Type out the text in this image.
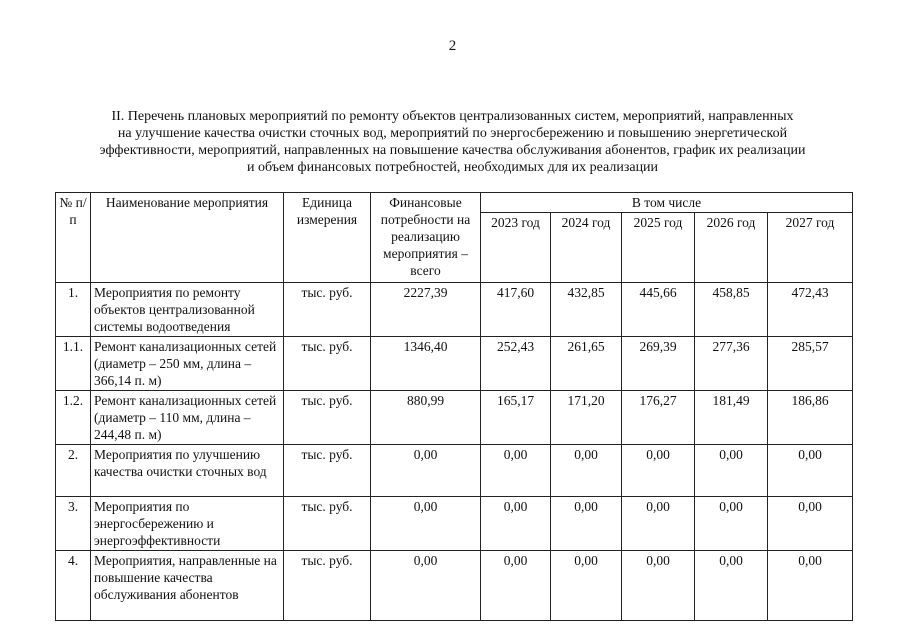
2
II. Перечень плановых мероприятий по ремонту объектов централизованных систем, мероприятий, направленных
на улучшение качества очистки сточных вод, мероприятий по энергосбережению и повышению энергетической
эффективности, мероприятий, направленных на повышение качества обслуживания абонентов, график их реализации
и объем финансовых потребностей, необходимых для их реализации
№ п/п	Наименование мероприятия	Единица измерения	Финансовые потребности на реализацию мероприятия – всего	В том числе				
				2023 год	2024 год	2025 год	2026 год	2027 год
1.	Мероприятия по ремонту объектов централизованной системы водоотведения	тыс. руб.	2227,39	417,60	432,85	445,66	458,85	472,43
1.1.	Ремонт канализационных сетей (диаметр – 250 мм, длина – 366,14 п. м)	тыс. руб.	1346,40	252,43	261,65	269,39	277,36	285,57
1.2.	Ремонт канализационных сетей (диаметр – 110 мм, длина – 244,48 п. м)	тыс. руб.	880,99	165,17	171,20	176,27	181,49	186,86
2.	Мероприятия по улучшению качества очистки сточных вод	тыс. руб.	0,00	0,00	0,00	0,00	0,00	0,00
3.	Мероприятия по энергосбережению и энергоэффективности	тыс. руб.	0,00	0,00	0,00	0,00	0,00	0,00
4.	Мероприятия, направленные на повышение качества обслуживания абонентов	тыс. руб.	0,00	0,00	0,00	0,00	0,00	0,00
